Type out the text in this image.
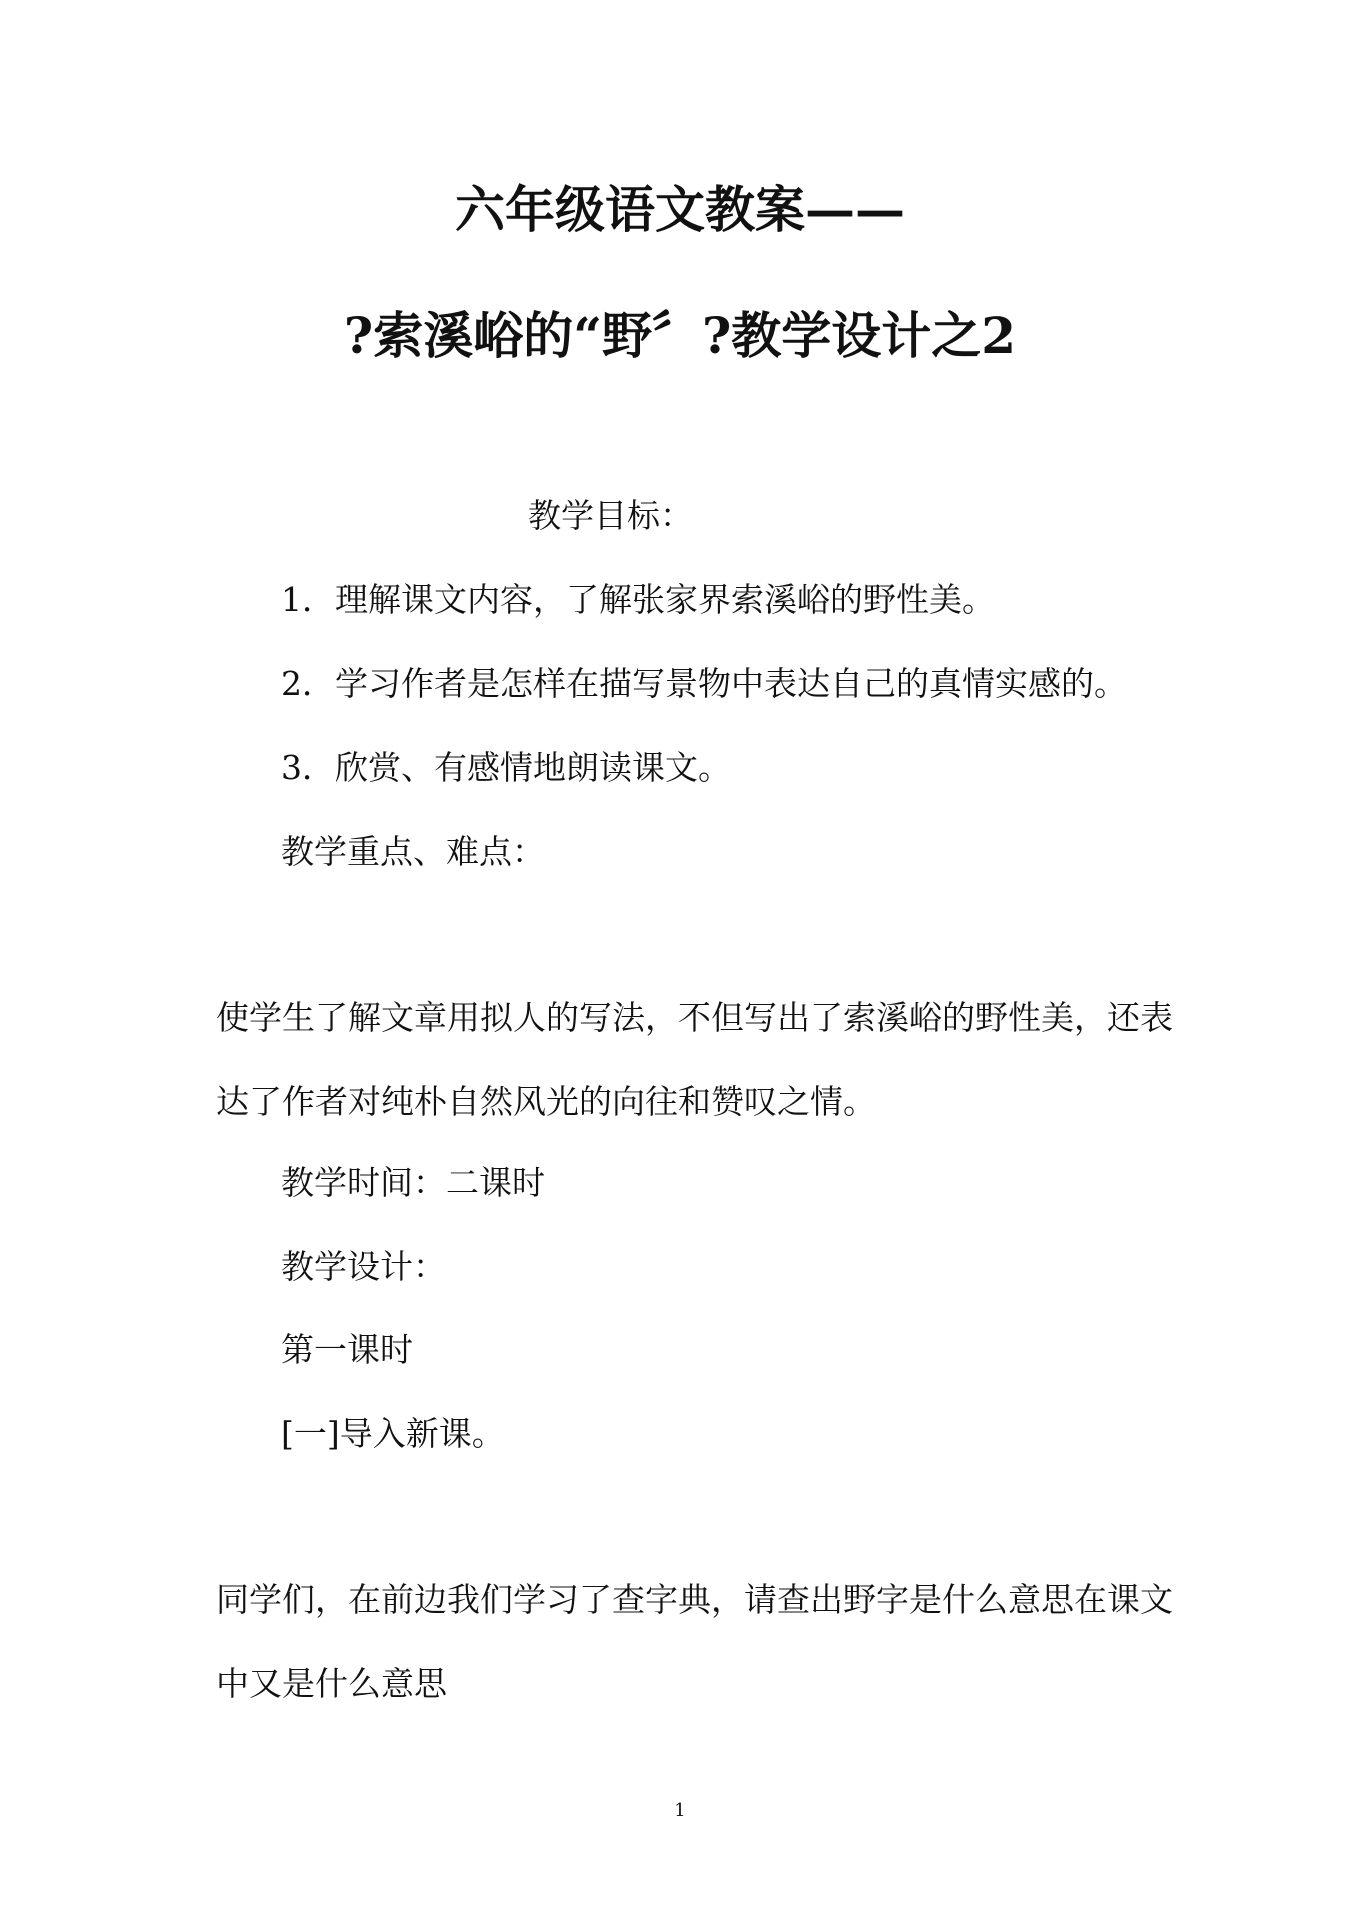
六年级语文教案——
?索溪峪的“野〞?教学设计之2
教学目标：
1．理解课文内容，了解张家界索溪峪的野性美。
2．学习作者是怎样在描写景物中表达自己的真情实感的。
3．欣赏、有感情地朗读课文。
教学重点、难点：
使学生了解文章用拟人的写法，不但写出了索溪峪的野性美，还表
达了作者对纯朴自然风光的向往和赞叹之情。
教学时间：二课时
教学设计：
第一课时
[一]导入新课。
同学们，在前边我们学习了查字典，请查出野字是什么意思在课文
中又是什么意思
1
